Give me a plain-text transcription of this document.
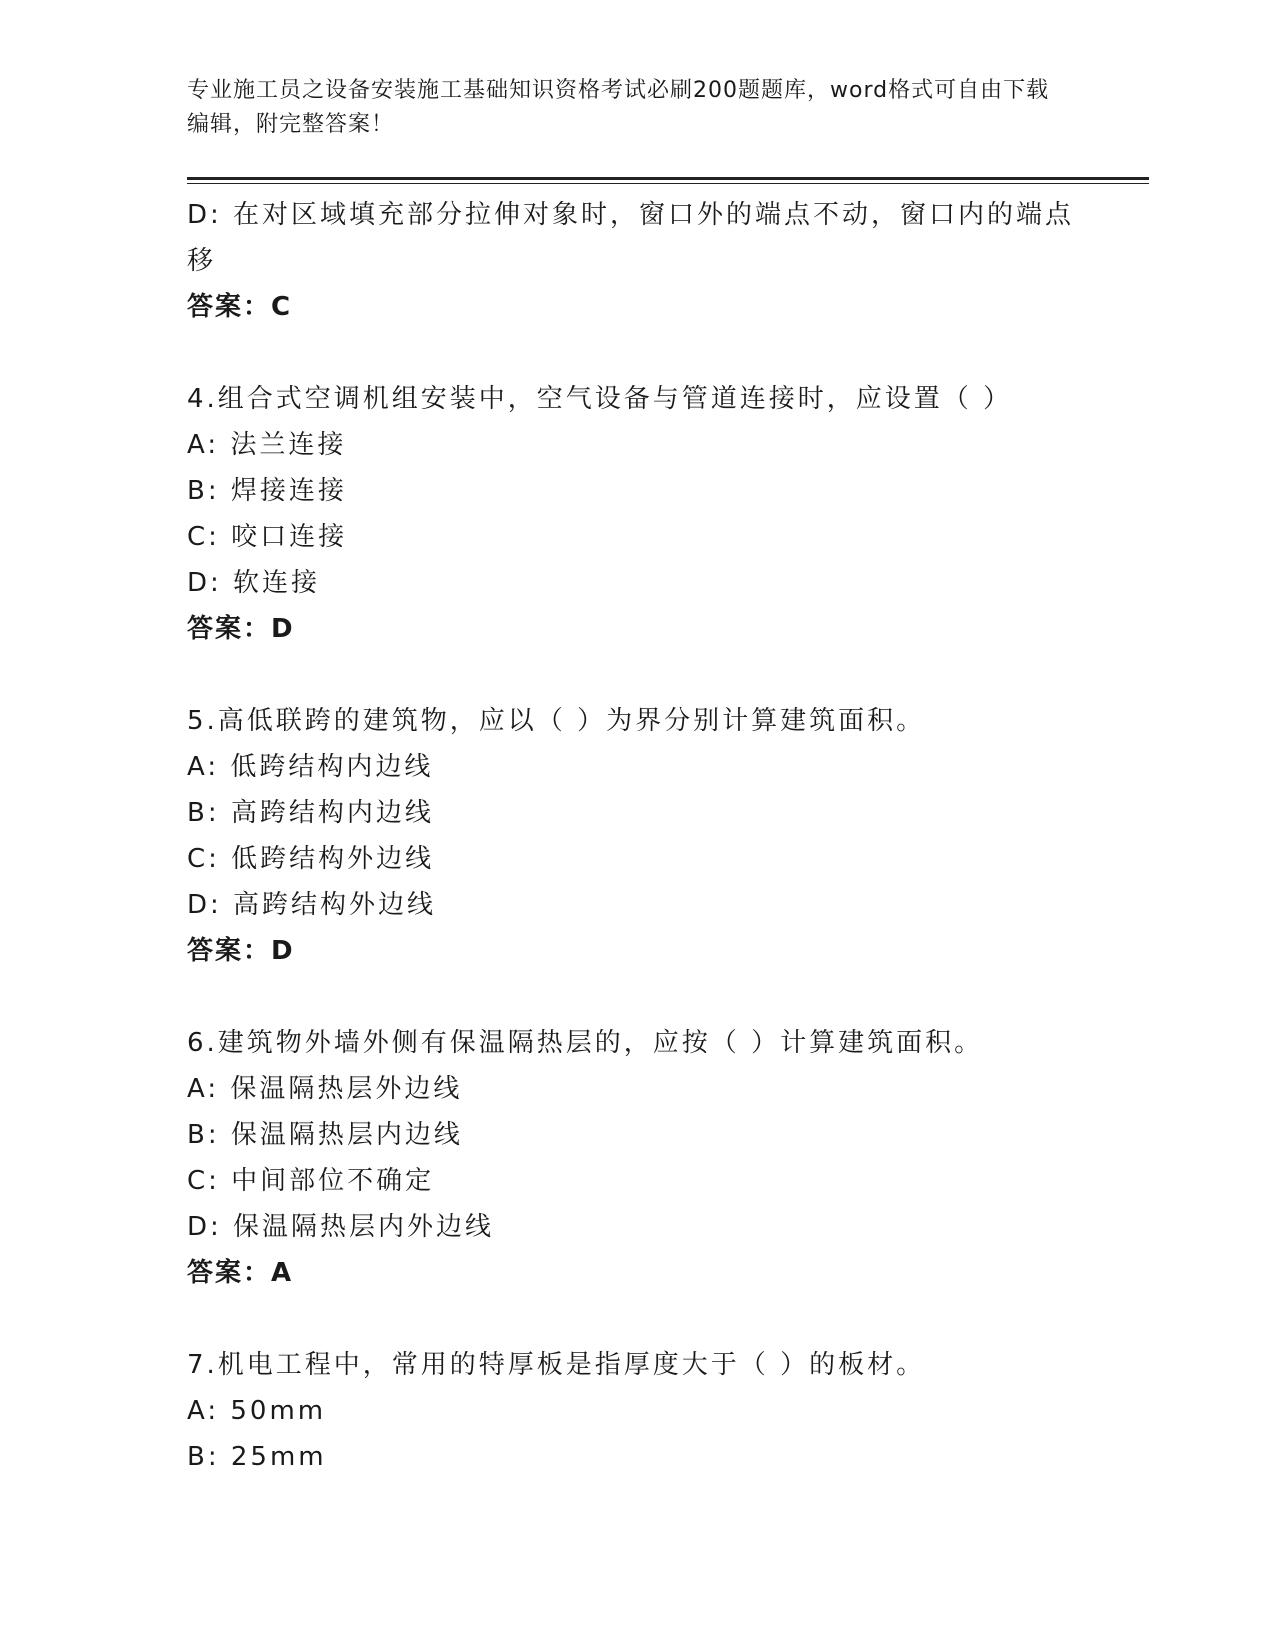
专业施工员之设备安装施工基础知识资格考试必刷200题题库，word格式可自由下载编辑，附完整答案！
D: 在对区域填充部分拉伸对象时，窗口外的端点不动，窗口内的端点
移
答案：C
4.组合式空调机组安装中，空气设备与管道连接时，应设置（ ）
A: 法兰连接
B: 焊接连接
C: 咬口连接
D: 软连接
答案：D
5.高低联跨的建筑物，应以（ ）为界分别计算建筑面积。
A: 低跨结构内边线
B: 高跨结构内边线
C: 低跨结构外边线
D: 高跨结构外边线
答案：D
6.建筑物外墙外侧有保温隔热层的，应按（ ）计算建筑面积。
A: 保温隔热层外边线
B: 保温隔热层内边线
C: 中间部位不确定
D: 保温隔热层内外边线
答案：A
7.机电工程中，常用的特厚板是指厚度大于（ ）的板材。
A: 50mm
B: 25mm
